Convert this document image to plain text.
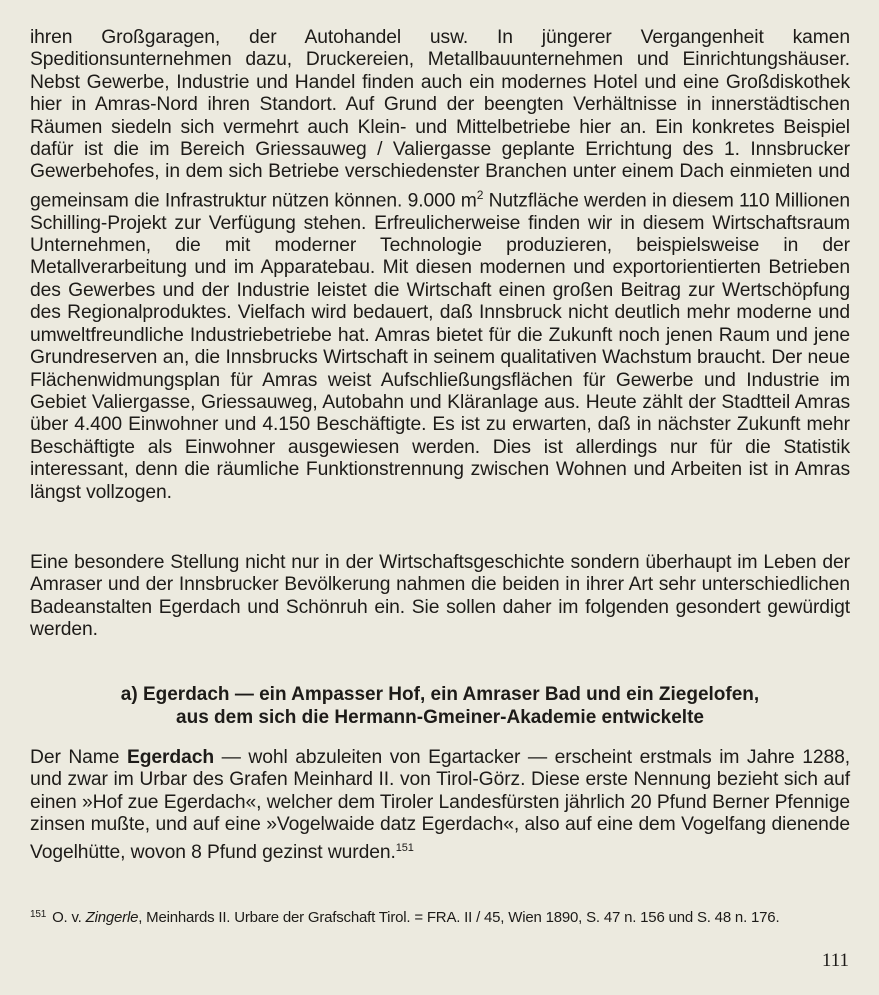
ihren Großgaragen, der Autohandel usw. In jüngerer Vergangenheit kamen Speditionsunternehmen dazu, Druckereien, Metallbauunternehmen und Einrichtungshäuser. Nebst Gewerbe, Industrie und Handel finden auch ein modernes Hotel und eine Großdiskothek hier in Amras-Nord ihren Standort. Auf Grund der beengten Verhältnisse in innerstädtischen Räumen siedeln sich vermehrt auch Klein- und Mittelbetriebe hier an. Ein konkretes Beispiel dafür ist die im Bereich Griessauweg / Valiergasse geplante Errichtung des 1. Innsbrucker Gewerbehofes, in dem sich Betriebe verschiedenster Branchen unter einem Dach einmieten und gemeinsam die Infrastruktur nützen können. 9.000 $m^2$ Nutzfläche werden in diesem 110 Millionen Schilling-Projekt zur Verfügung stehen. Erfreulicherweise finden wir in diesem Wirtschaftsraum Unternehmen, die mit moderner Technologie produzieren, beispielsweise in der Metallverarbeitung und im Apparatebau. Mit diesen modernen und exportorientierten Betrieben des Gewerbes und der Industrie leistet die Wirtschaft einen großen Beitrag zur Wertschöpfung des Regionalproduktes. Vielfach wird bedauert, daß Innsbruck nicht deutlich mehr moderne und umweltfreundliche Industriebetriebe hat. Amras bietet für die Zukunft noch jenen Raum und jene Grundreserven an, die Innsbrucks Wirtschaft in seinem qualitativen Wachstum braucht. Der neue Flächenwidmungsplan für Amras weist Aufschließungsflächen für Gewerbe und Industrie im Gebiet Valiergasse, Griessauweg, Autobahn und Kläranlage aus. Heute zählt der Stadtteil Amras über 4.400 Einwohner und 4.150 Beschäftigte. Es ist zu erwarten, daß in nächster Zukunft mehr Beschäftigte als Einwohner ausgewiesen werden. Dies ist allerdings nur für die Statistik interessant, denn die räumliche Funktionstrennung zwischen Wohnen und Arbeiten ist in Amras längst vollzogen.

Eine besondere Stellung nicht nur in der Wirtschaftsgeschichte sondern überhaupt im Leben der Amraser und der Innsbrucker Bevölkerung nahmen die beiden in ihrer Art sehr unterschiedlichen Badeanstalten Egerdach und Schönruh ein. Sie sollen daher im folgenden gesondert gewürdigt werden.

a) Egerdach — ein Ampasser Hof, ein Amraser Bad und ein Ziegelofen,
aus dem sich die Hermann-Gmeiner-Akademie entwickelte

Der Name Egerdach — wohl abzuleiten von Egartacker — erscheint erstmals im Jahre 1288, und zwar im Urbar des Grafen Meinhard II. von Tirol-Görz. Diese erste Nennung bezieht sich auf einen »Hof zue Egerdach«, welcher dem Tiroler Landesfürsten jährlich 20 Pfund Berner Pfennige zinsen mußte, und auf eine »Vogelwaide datz Egerdach«, also auf eine dem Vogelfang dienende Vogelhütte, wovon 8 Pfund gezinst wurden.$^{151}$

$^{151}$ O. v. Zingerle, Meinhards II. Urbare der Grafschaft Tirol. = FRA. II / 45, Wien 1890, S. 47 n. 156 und S. 48 n. 176.

111
